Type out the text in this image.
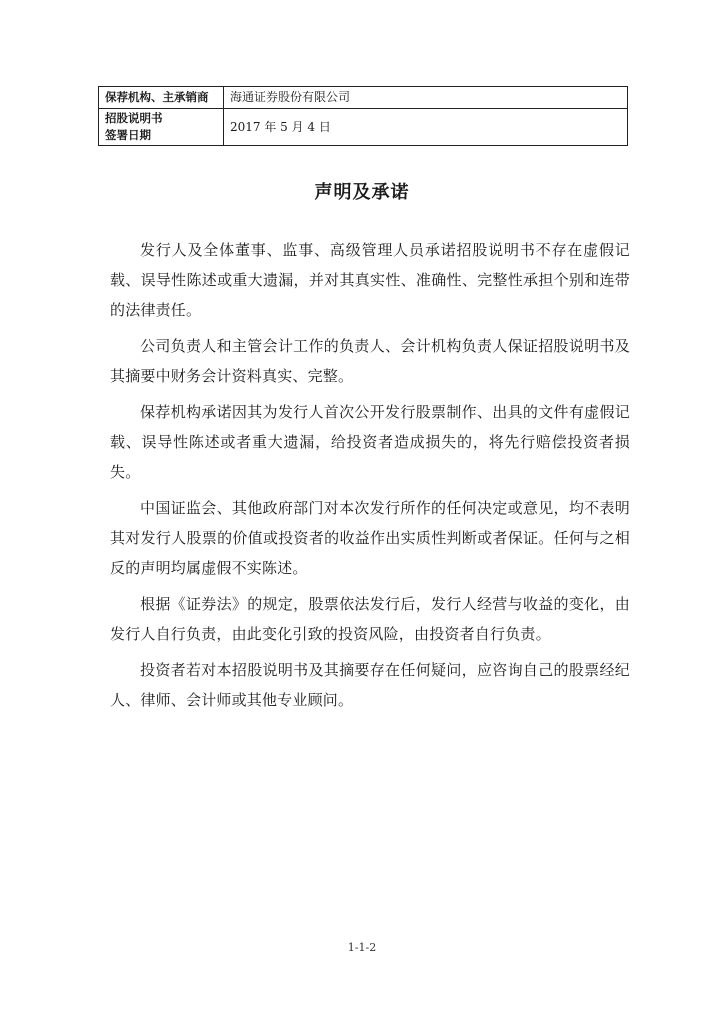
保荐机构、主承销商	海通证券股份有限公司

招股说明书
签署日期	2017 年 5 月 4 日
声明及承诺

发行人及全体董事、监事、高级管理人员承诺招股说明书不存在虚假记载、误导性陈述或重大遗漏，并对其真实性、准确性、完整性承担个别和连带的法律责任。

公司负责人和主管会计工作的负责人、会计机构负责人保证招股说明书及其摘要中财务会计资料真实、完整。

保荐机构承诺因其为发行人首次公开发行股票制作、出具的文件有虚假记载、误导性陈述或者重大遗漏，给投资者造成损失的，将先行赔偿投资者损失。

中国证监会、其他政府部门对本次发行所作的任何决定或意见，均不表明其对发行人股票的价值或投资者的收益作出实质性判断或者保证。任何与之相反的声明均属虚假不实陈述。

根据《证券法》的规定，股票依法发行后，发行人经营与收益的变化，由发行人自行负责，由此变化引致的投资风险，由投资者自行负责。

投资者若对本招股说明书及其摘要存在任何疑问，应咨询自己的股票经纪人、律师、会计师或其他专业顾问。

1-1-2
